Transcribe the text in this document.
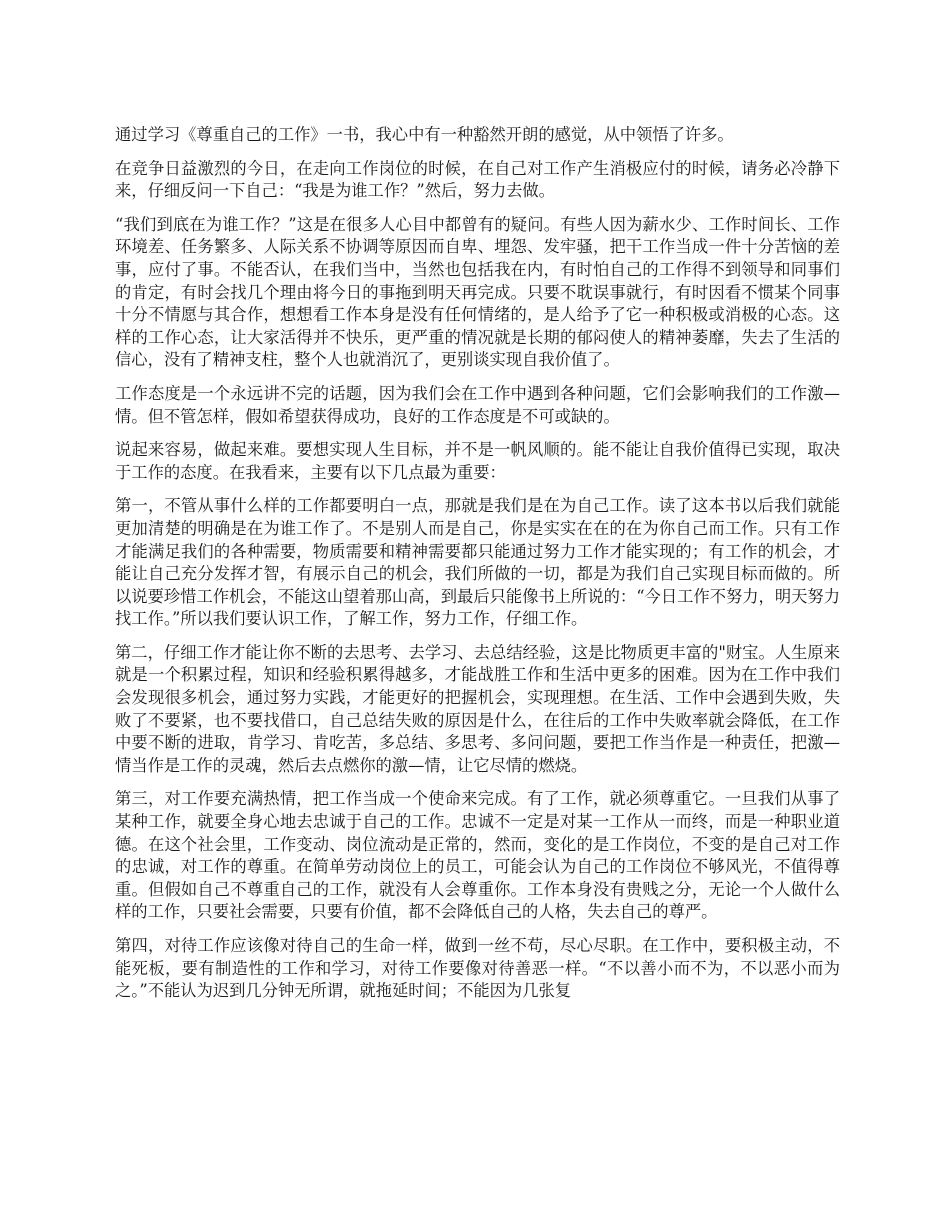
通过学习《尊重自己的工作》一书，我心中有一种豁然开朗的感觉，从中领悟了许多。

在竞争日益激烈的今日，在走向工作岗位的时候，在自己对工作产生消极应付的时候，请务必冷静下来，仔细反问一下自己：“我是为谁工作？”然后，努力去做。

“我们到底在为谁工作？”这是在很多人心目中都曾有的疑问。有些人因为薪水少、工作时间长、工作环境差、任务繁多、人际关系不协调等原因而自卑、埋怨、发牢骚，把干工作当成一件十分苦恼的差事，应付了事。不能否认，在我们当中，当然也包括我在内，有时怕自己的工作得不到领导和同事们的肯定，有时会找几个理由将今日的事拖到明天再完成。只要不耽误事就行，有时因看不惯某个同事十分不情愿与其合作，想想看工作本身是没有任何情绪的，是人给予了它一种积极或消极的心态。这样的工作心态，让大家活得并不快乐，更严重的情况就是长期的郁闷使人的精神萎靡，失去了生活的信心，没有了精神支柱，整个人也就消沉了，更别谈实现自我价值了。

工作态度是一个永远讲不完的话题，因为我们会在工作中遇到各种问题，它们会影响我们的工作激—情。但不管怎样，假如希望获得成功，良好的工作态度是不可或缺的。

说起来容易，做起来难。要想实现人生目标，并不是一帆风顺的。能不能让自我价值得已实现，取决于工作的态度。在我看来，主要有以下几点最为重要：

第一，不管从事什么样的工作都要明白一点，那就是我们是在为自己工作。读了这本书以后我们就能更加清楚的明确是在为谁工作了。不是别人而是自己，你是实实在在的在为你自己而工作。只有工作才能满足我们的各种需要，物质需要和精神需要都只能通过努力工作才能实现的；有工作的机会，才能让自己充分发挥才智，有展示自己的机会，我们所做的一切，都是为我们自己实现目标而做的。所以说要珍惜工作机会，不能这山望着那山高，到最后只能像书上所说的：“今日工作不努力，明天努力找工作。”所以我们要认识工作，了解工作，努力工作，仔细工作。

第二，仔细工作才能让你不断的去思考、去学习、去总结经验，这是比物质更丰富的"财宝。人生原来就是一个积累过程，知识和经验积累得越多，才能战胜工作和生活中更多的困难。因为在工作中我们会发现很多机会，通过努力实践，才能更好的把握机会，实现理想。在生活、工作中会遇到失败，失败了不要紧，也不要找借口，自己总结失败的原因是什么，在往后的工作中失败率就会降低，在工作中要不断的进取，肯学习、肯吃苦，多总结、多思考、多问问题，要把工作当作是一种责任，把激—情当作是工作的灵魂，然后去点燃你的激—情，让它尽情的燃烧。

第三，对工作要充满热情，把工作当成一个使命来完成。有了工作，就必须尊重它。一旦我们从事了某种工作，就要全身心地去忠诚于自己的工作。忠诚不一定是对某一工作从一而终，而是一种职业道德。在这个社会里，工作变动、岗位流动是正常的，然而，变化的是工作岗位，不变的是自己对工作的忠诚，对工作的尊重。在简单劳动岗位上的员工，可能会认为自己的工作岗位不够风光，不值得尊重。但假如自己不尊重自己的工作，就没有人会尊重你。工作本身没有贵贱之分，无论一个人做什么样的工作，只要社会需要，只要有价值，都不会降低自己的人格，失去自己的尊严。

第四，对待工作应该像对待自己的生命一样，做到一丝不苟，尽心尽职。在工作中，要积极主动，不能死板，要有制造性的工作和学习，对待工作要像对待善恶一样。“不以善小而不为，不以恶小而为之。”不能认为迟到几分钟无所谓，就拖延时间；不能因为几张复
